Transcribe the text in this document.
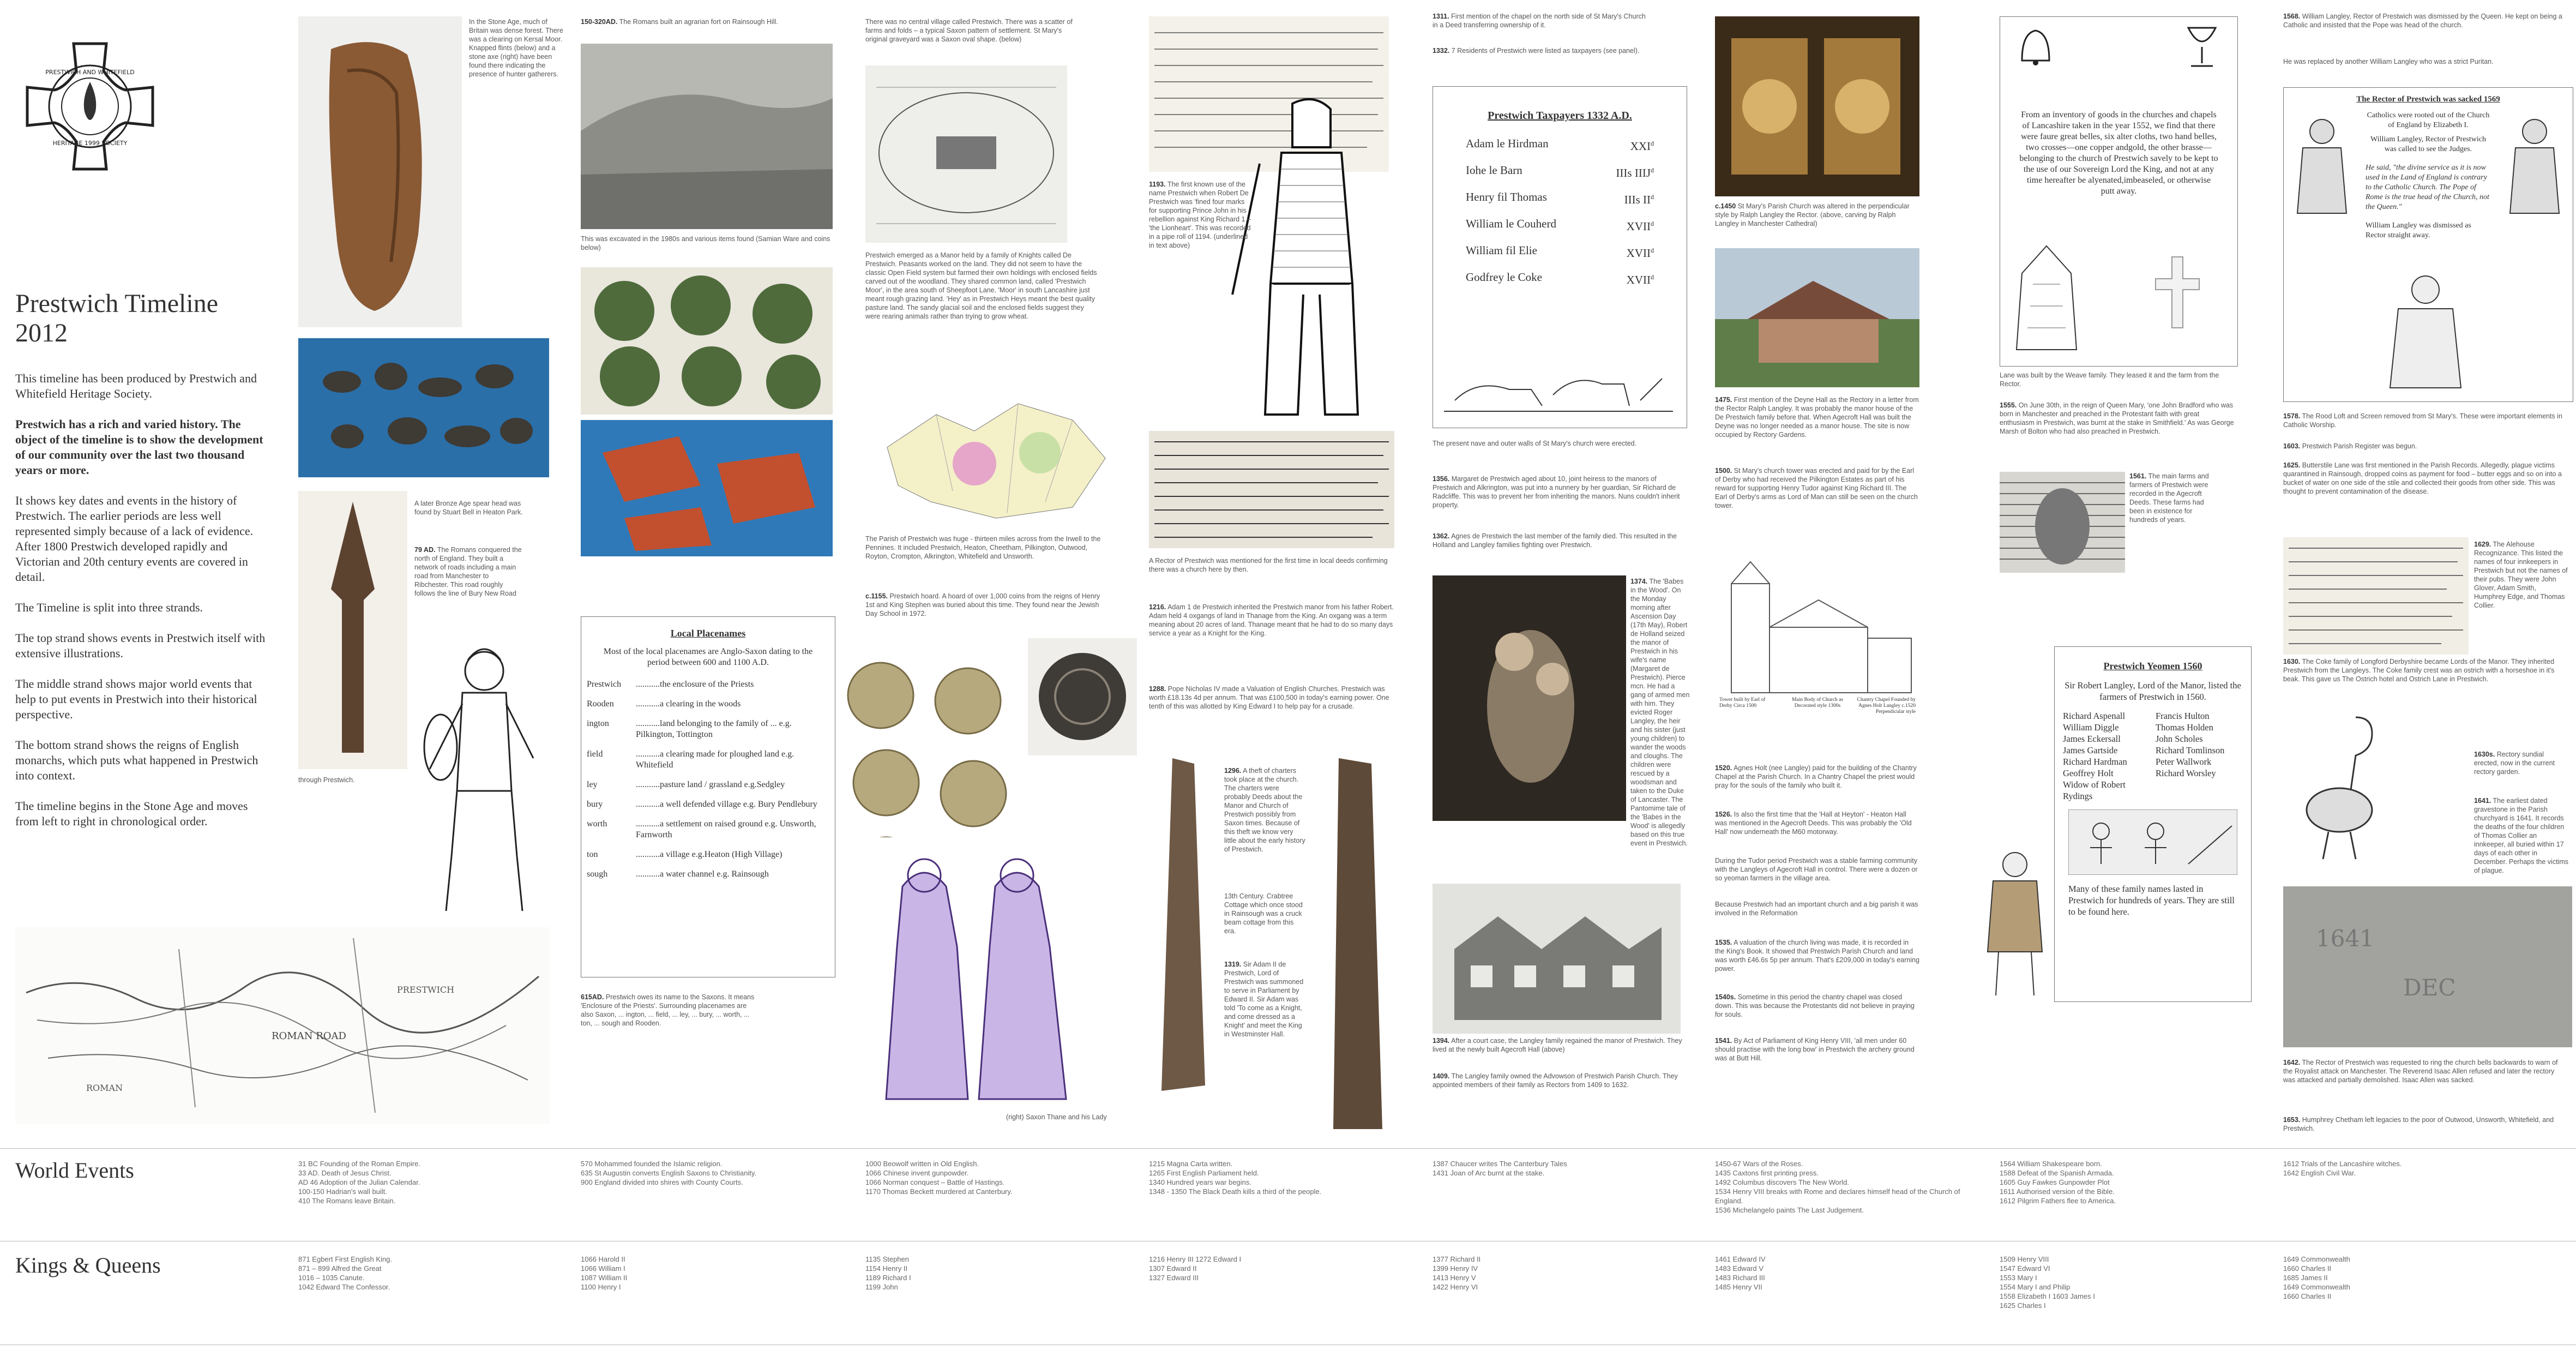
PRESTWICH AND WHITEFIELD
HERITAGE 1999 SOCIETY
Prestwich Timeline
2012

This timeline has been produced by Prestwich and Whitefield Heritage Society.

Prestwich has a rich and varied history. The object of the timeline is to show the development of our community over the last two thousand years or more.

It shows key dates and events in the history of Prestwich. The earlier periods are less well represented simply because of a lack of evidence. After 1800 Prestwich developed rapidly and Victorian and 20th century events are covered in detail.

The Timeline is split into three strands.

The top strand shows events in Prestwich itself with extensive illustrations.

The middle strand shows major world events that help to put events in Prestwich into their historical perspective.

The bottom strand shows the reigns of English monarchs, which puts what happened in Prestwich into context.

The timeline begins in the Stone Age and moves from left to right in chronological order.

ROMAN ROAD
ROMAN
PRESTWICH
In the Stone Age, much of Britain was dense forest. There was a clearing on Kersal Moor. Knapped flints (below) and a stone axe (right) have been found there indicating the presence of hunter gatherers.
A later Bronze Age spear head was found by Stuart Bell in Heaton Park.
79 AD. The Romans conquered the north of England. They built a network of roads including a main road from Manchester to Ribchester. This road roughly follows the line of Bury New Road
through Prestwich.
150-320AD. The Romans built an agrarian fort on Rainsough Hill.
This was excavated in the 1980s and various items found (Samian Ware and coins below)
Local Placenames
Most of the local placenames are Anglo-Saxon dating to the period between 600 and 1100 A.D.
Prestwich	...........the enclosure of the Priests
Rooden	...........a clearing in the woods
ington	...........land belonging to the family of ... e.g. Pilkington, Tottington
field	...........a clearing made for ploughed land e.g. Whitefield
ley	...........pasture land / grassland e.g.Sedgley
bury	...........a well defended village e.g. Bury Pendlebury
worth	...........a settlement on raised ground e.g. Unsworth, Farnworth
ton	...........a village e.g.Heaton (High Village)
sough	...........a water channel e.g. Rainsough
615AD. Prestwich owes its name to the Saxons. It means 'Enclosure of the Priests'. Surrounding placenames are also Saxon, ... ington, ... field, ... ley, ... bury, ... worth, ... ton, ... sough and Rooden.
There was no central village called Prestwich. There was a scatter of farms and folds – a typical Saxon pattern of settlement. St Mary's original graveyard was a Saxon oval shape. (below)
Prestwich emerged as a Manor held by a family of Knights called De Prestwich. Peasants worked on the land. They did not seem to have the classic Open Field system but farmed their own holdings with enclosed fields carved out of the woodland. They shared common land, called 'Prestwich Moor', in the area south of Sheepfoot Lane. 'Moor' in south Lancashire just meant rough grazing land. 'Hey' as in Prestwich Heys meant the best quality pasture land. The sandy glacial soil and the enclosed fields suggest they were rearing animals rather than trying to grow wheat.
The Parish of Prestwich was huge - thirteen miles across from the Irwell to the Pennines. It included Prestwich, Heaton, Cheetham, Pilkington, Outwood, Royton, Crompton, Alkrington, Whitefield and Unsworth.
c.1155. Prestwich hoard. A hoard of over 1,000 coins from the reigns of Henry 1st and King Stephen was buried about this time. They found near the Jewish Day School in 1972.
(right) Saxon Thane and his Lady
1193. The first known use of the name Prestwich when Robert De Prestwich was 'fined four marks for supporting Prince John in his rebellion against King Richard 1 – 'the Lionheart'. This was recorded in a pipe roll of 1194. (underlined in text above)
A Rector of Prestwich was mentioned for the first time in local deeds confirming there was a church here by then.
1216. Adam 1 de Prestwich inherited the Prestwich manor from his father Robert. Adam held 4 oxgangs of land in Thanage from the King. An oxgang was a term meaning about 20 acres of land. Thanage meant that he had to do so many days service a year as a Knight for the King.
1288. Pope Nicholas IV made a Valuation of English Churches. Prestwich was worth £18.13s 4d per annum. That was £100,500 in today's earning power. One tenth of this was allotted by King Edward I to help pay for a crusade.
1296. A theft of charters took place at the church. The charters were probably Deeds about the Manor and Church of Prestwich possibly from Saxon times. Because of this theft we know very little about the early history of Prestwich.
13th Century. Crabtree Cottage which once stood in Rainsough was a cruck beam cottage from this era.
1319. Sir Adam II de Prestwich, Lord of Prestwich was summoned to serve in Parliament by Edward II. Sir Adam was told 'To come as a Knight, and come dressed as a Knight' and meet the King in Westminster Hall.
1311. First mention of the chapel on the north side of St Mary's Church in a Deed transferring ownership of it.
1332. 7 Residents of Prestwich were listed as taxpayers (see panel).
Prestwich Taxpayers 1332 A.D.
Adam le Hirdman	XXI$^d$
Iohe le Barn	IIIs IIIJ$^d$
Henry fil Thomas	IIIs $II^d$
William le Couherd	XVII$^d$
William fil Elie	XVII$^d$
Godfrey le Coke	XVII$^d$
The present nave and outer walls of St Mary's church were erected.
1356. Margaret de Prestwich aged about 10, joint heiress to the manors of Prestwich and Alkrington, was put into a nunnery by her guardian, Sir Richard de Radcliffe. This was to prevent her from inheriting the manors. Nuns couldn't inherit property.
1362. Agnes de Prestwich the last member of the family died. This resulted in the Holland and Langley families fighting over Prestwich.
1374. The 'Babes in the Wood'. On the Monday morning after Ascension Day (17th May), Robert de Holland seized the manor of Prestwich in his wife's name (Margaret de Prestwich). Pierce mcn. He had a gang of armed men with him. They evicted Roger Langley, the heir and his sister (just young children) to wander the woods and cloughs. The children were rescued by a woodsman and taken to the Duke of Lancaster. The Pantomime tale of the 'Babes in the Wood' is allegedly based on this true event in Prestwich.
1394. After a court case, the Langley family regained the manor of Prestwich. They lived at the newly built Agecroft Hall (above)
1409. The Langley family owned the Advowson of Prestwich Parish Church. They appointed members of their family as Rectors from 1409 to 1632.
c.1450 St Mary's Parish Church was altered in the perpendicular style by Ralph Langley the Rector. (above, carving by Ralph Langley in Manchester Cathedral)
1475. First mention of the Deyne Hall as the Rectory in a letter from the Rector Ralph Langley. It was probably the manor house of the De Prestwich family before that. When Agecroft Hall was built the Deyne was no longer needed as a manor house. The site is now occupied by Rectory Gardens.
1500. St Mary's church tower was erected and paid for by the Earl of Derby who had received the Pilkington Estates as part of his reward for supporting Henry Tudor against King Richard III. The Earl of Derby's arms as Lord of Man can still be seen on the church tower.
Tower built by Earl of Derby Circa 1500
Main Body of Church as Decorated style 1300s
Chantry Chapel Founded by Agnes Holt Langley c.1520 Perpendicular style
1520. Agnes Holt (nee Langley) paid for the building of the Chantry Chapel at the Parish Church. In a Chantry Chapel the priest would pray for the souls of the family who built it.
1526. Is also the first time that the 'Hall at Heyton' - Heaton Hall was mentioned in the Agecroft Deeds. This was probably the 'Old Hall' now underneath the M60 motorway.
During the Tudor period Prestwich was a stable farming community with the Langleys of Agecroft Hall in control. There were a dozen or so yeoman farmers in the village area.
Because Prestwich had an important church and a big parish it was involved in the Reformation
1535. A valuation of the church living was made, it is recorded in the King's Book. It showed that Prestwich Parish Church and land was worth £46.6s 5p per annum. That's £209,000 in today's earning power.
1540s. Sometime in this period the chantry chapel was closed down. This was because the Protestants did not believe in praying for souls.
1541. By Act of Parliament of King Henry VIII, 'all men under 60 should practise with the long bow' in Prestwich the archery ground was at Butt Hill.
From an inventory of goods in the churches and chapels of Lancashire taken in the year 1552, we find that there were faure great belles, six alter cloths, two hand belles, two crosses—one copper andgold, the other brasse—belonging to the church of Prestwich savely to be kept to the use of our Sovereign Lord the King, and not at any time hereafter be alyenated,imbeaseled, or otherwise putt away.
Lane was built by the Weave family. They leased it and the farm from the Rector.
1555. On June 30th, in the reign of Queen Mary, 'one John Bradford who was born in Manchester and preached in the Protestant faith with great enthusiasm in Prestwich, was burnt at the stake in Smithfield.' As was George Marsh of Bolton who had also preached in Prestwich.
1561. The main farms and farmers of Prestwich were recorded in the Agecroft Deeds. These farms had been in existence for hundreds of years.
Prestwich Yeomen 1560
Sir Robert Langley, Lord of the Manor, listed the farmers of Prestwich in 1560.
Richard Aspenall
William Diggle
James Eckersall
James Gartside
Richard Hardman
Geoffrey Holt
Widow of Robert Rydings
Francis Hulton
Thomas Holden
John Scholes
Richard Tomlinson
Peter Wallwork
Richard Worsley
Many of these family names lasted in Prestwich for hundreds of years. They are still to be found here.
1568. William Langley, Rector of Prestwich was dismissed by the Queen. He kept on being a Catholic and insisted that the Pope was head of the church.
He was replaced by another William Langley who was a strict Puritan.
The Rector of Prestwich was sacked 1569
Catholics were rooted out of the Church of England by Elizabeth I.
William Langley, Rector of Prestwich was called to see the Judges.
He said, "the divine service as it is now used in the Land of England is contrary to the Catholic Church. The Pope of Rome is the true head of the Church, not the Queen."
William Langley was dismissed as Rector straight away.
1578. The Rood Loft and Screen removed from St Mary's. These were important elements in Catholic Worship.
1603. Prestwich Parish Register was begun.
1625. Butterstile Lane was first mentioned in the Parish Records. Allegedly, plague victims quarantined in Rainsough, dropped coins as payment for food – butter eggs and so on into a bucket of water on one side of the stile and collected their goods from other side. This was thought to prevent contamination of the disease.
1629. The Alehouse Recognizance. This listed the names of four innkeepers in Prestwich but not the names of their pubs. They were John Glover, Adam Smith, Humphrey Edge, and Thomas Collier.
1630. The Coke family of Longford Derbyshire became Lords of the Manor. They inherited Prestwich from the Langleys. The Coke family crest was an ostrich with a horseshoe in it's beak. This gave us The Ostrich hotel and Ostrich Lane in Prestwich.
1630s. Rectory sundial erected, now in the current rectory garden.
1641. The earliest dated gravestone in the Parish churchyard is 1641. It records the deaths of the four children of Thomas Collier an innkeeper, all buried within 17 days of each other in December. Perhaps the victims of plague.
1641
DEC
1642. The Rector of Prestwich was requested to ring the church bells backwards to warn of the Royalist attack on Manchester. The Reverend Isaac Allen refused and later the rectory was attacked and partially demolished. Isaac Allen was sacked.
1653. Humphrey Chetham left legacies to the poor of Outwood, Unsworth, Whitefield, and Prestwich.
World Events	31 BC Founding of the Roman Empire.
33 AD. Death of Jesus Christ.
AD 46 Adoption of the Julian Calendar.
100-150 Hadrian's wall built.
410 The Romans leave Britain.
570 Mohammed founded the Islamic religion.
635 St Augustin converts English Saxons to Christianity.
900 England divided into shires with County Courts.
1000 Beowolf written in Old English.
1066 Chinese invent gunpowder.
1066 Norman conquest – Battle of Hastings.
1170 Thomas Beckett murdered at Canterbury.
1215 Magna Carta written.
1265 First English Parliament held.
1340 Hundred years war begins.
1348 - 1350 The Black Death kills a third of the people.
1387 Chaucer writes The Canterbury Tales
1431 Joan of Arc burnt at the stake.
1450-67 Wars of the Roses.
1435 Caxtons first printing press.
1492 Columbus discovers The New World.
1534 Henry VIII breaks with Rome and declares himself head of the Church of England.
1536 Michelangelo paints The Last Judgement.
1564 William Shakespeare born.
1588 Defeat of the Spanish Armada.
1605 Guy Fawkes Gunpowder Plot
1611 Authorised version of the Bible.
1612 Pilgrim Fathers flee to America.
1612 Trials of the Lancashire witches.
1642 English Civil War.
Kings & Queens	871 Egbert First English King.
871 – 899 Alfred the Great
1016 – 1035 Canute.
1042 Edward The Confessor.
1066 Harold II
1066 William I
1087 William II
1100 Henry I
1135 Stephen
1154 Henry II
1189 Richard I
1199 John
1216 Henry III 1272 Edward I
1307 Edward II
1327 Edward III
1377 Richard II
1399 Henry IV
1413 Henry V
1422 Henry VI
1461 Edward IV
1483 Edward V
1483 Richard III
1485 Henry VII
1509 Henry VIII
1547 Edward VI
1553 Mary I
1554 Mary I and Philip
1558 Elizabeth I 1603 James I
1625 Charles I
1649 Commonwealth
1660 Charles II
1685 James II
1649 Commonwealth
1660 Charles II
